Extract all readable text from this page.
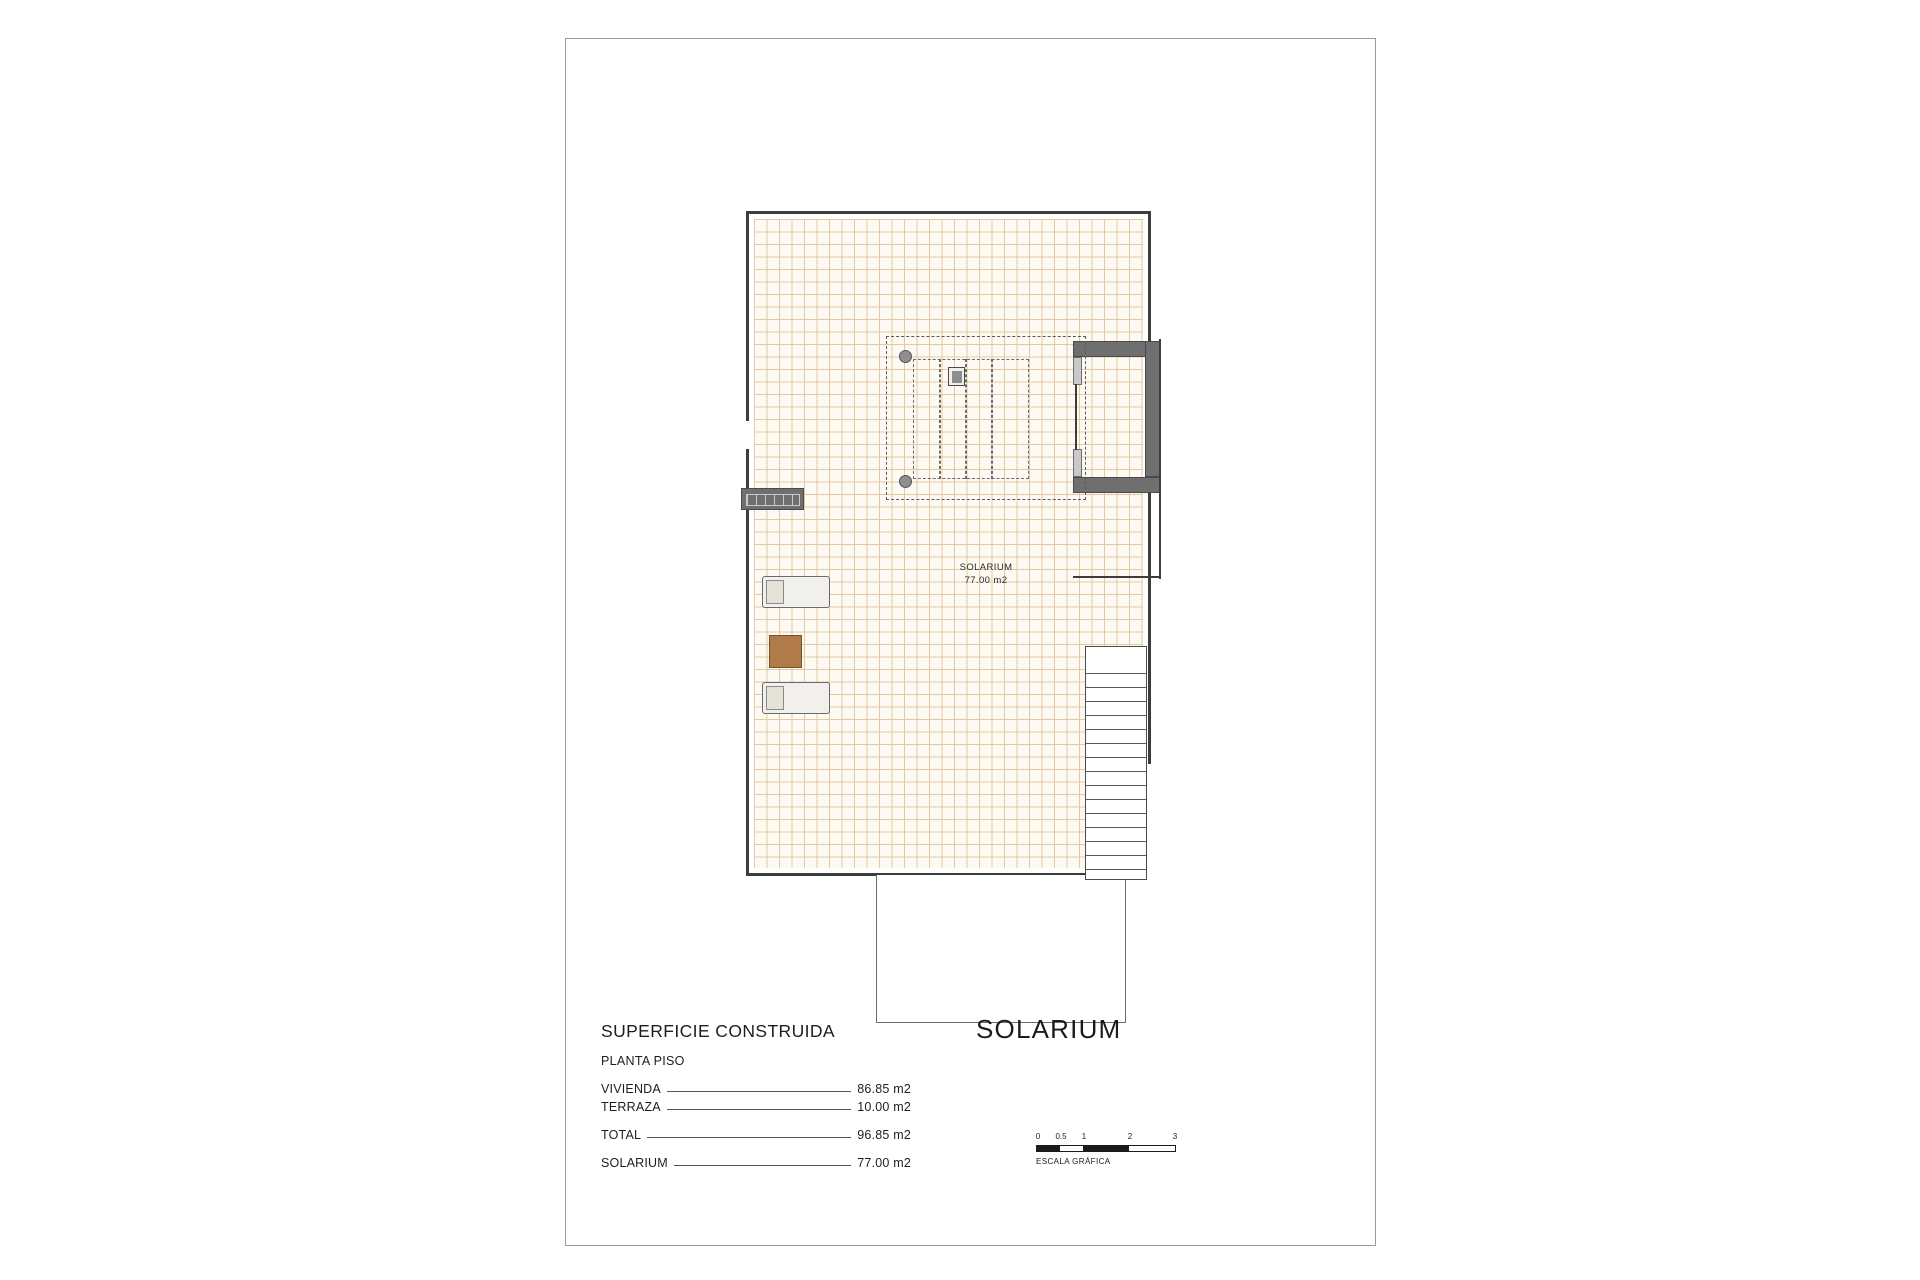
SOLARIUM
77.00 m2
SUPERFICIE CONSTRUIDA
PLANTA PISO
VIVIENDA	86.85 m2
TERRAZA	10.00 m2
TOTAL	96.85 m2
SOLARIUM	77.00 m2
SOLARIUM
0 0.5 1	2	3
ESCALA GRÁFICA
